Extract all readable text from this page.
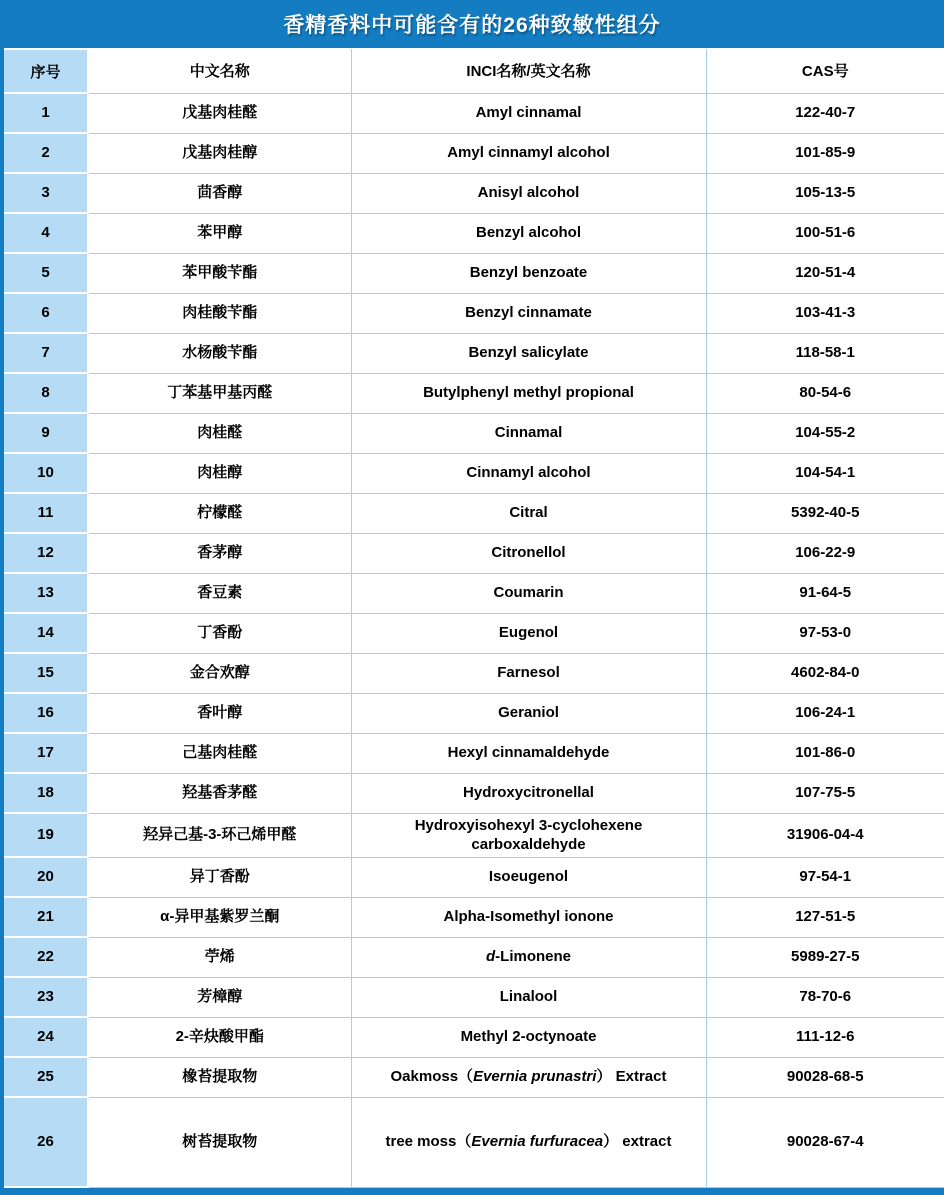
香精香料中可能含有的26种致敏性组分
序号	中文名称	INCI名称/英文名称	CAS号
1	戊基肉桂醛	Amyl cinnamal	122-40-7
2	戊基肉桂醇	Amyl cinnamyl alcohol	101-85-9
3	茴香醇	Anisyl alcohol	105-13-5
4	苯甲醇	Benzyl alcohol	100-51-6
5	苯甲酸苄酯	Benzyl benzoate	120-51-4
6	肉桂酸苄酯	Benzyl cinnamate	103-41-3
7	水杨酸苄酯	Benzyl salicylate	118-58-1
8	丁苯基甲基丙醛	Butylphenyl methyl propional	80-54-6
9	肉桂醛	Cinnamal	104-55-2
10	肉桂醇	Cinnamyl alcohol	104-54-1
11	柠檬醛	Citral	5392-40-5
12	香茅醇	Citronellol	106-22-9
13	香豆素	Coumarin	91-64-5
14	丁香酚	Eugenol	97-53-0
15	金合欢醇	Farnesol	4602-84-0
16	香叶醇	Geraniol	106-24-1
17	己基肉桂醛	Hexyl cinnamaldehyde	101-86-0
18	羟基香茅醛	Hydroxycitronellal	107-75-5
19	羟异己基-3-环己烯甲醛	Hydroxyisohexyl 3-cyclohexene carboxaldehyde	31906-04-4
20	异丁香酚	Isoeugenol	97-54-1
21	α-异甲基紫罗兰酮	Alpha-Isomethyl ionone	127-51-5
22	苧烯	d-Limonene	5989-27-5
23	芳樟醇	Linalool	78-70-6
24	2-辛炔酸甲酯	Methyl 2-octynoate	111-12-6
25	橡苔提取物	Oakmoss（Evernia prunastri） Extract	90028-68-5
26	树苔提取物	tree moss（Evernia furfuracea） extract	90028-67-4
